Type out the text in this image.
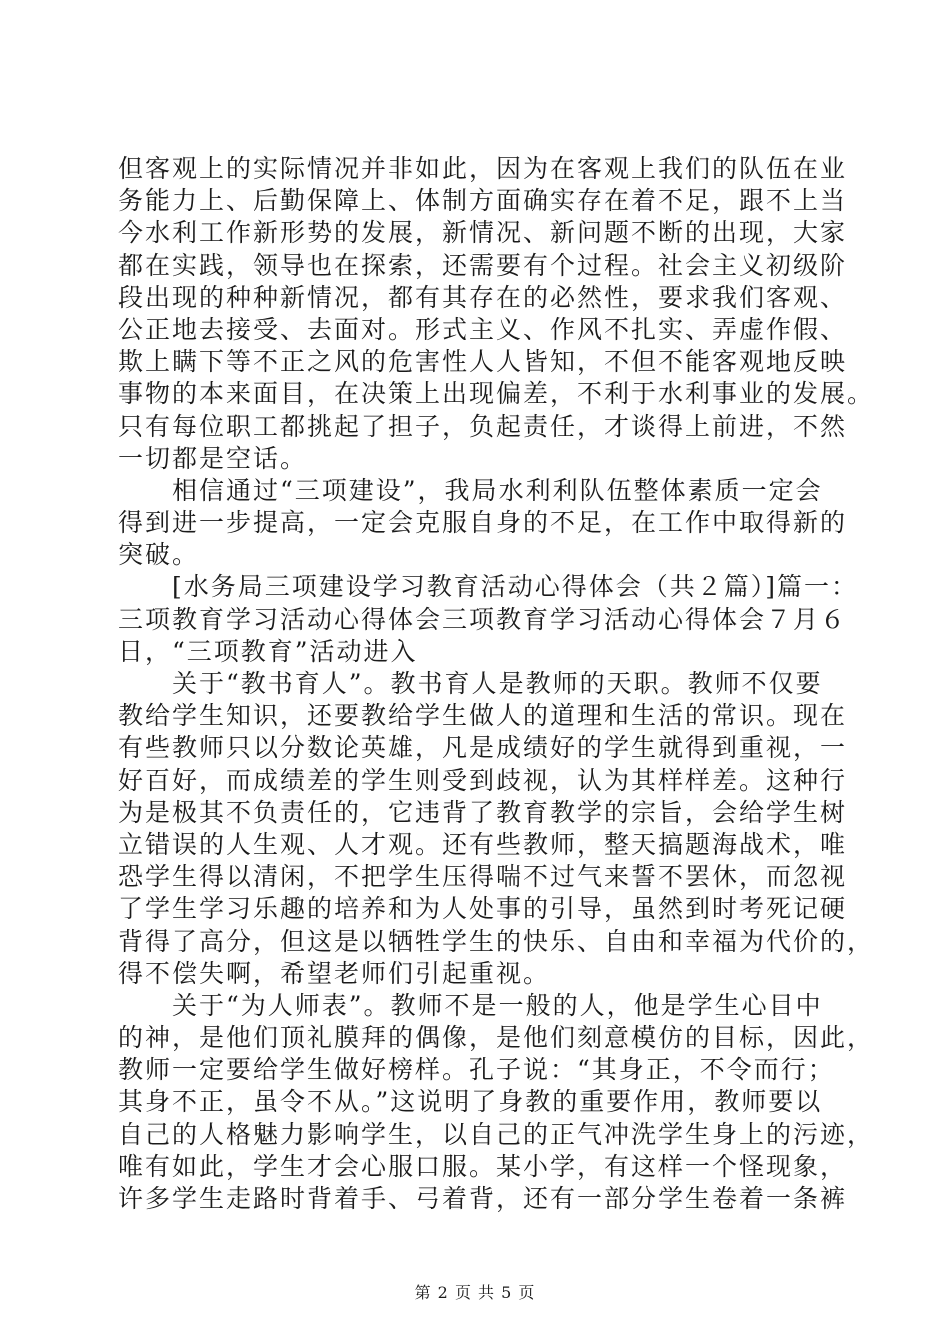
但客观上的实际情况并非如此，因为在客观上我们的队伍在业
务能力上、后勤保障上、体制方面确实存在着不足，跟不上当
今水利工作新形势的发展，新情况、新问题不断的出现，大家
都在实践，领导也在探索，还需要有个过程。社会主义初级阶
段出现的种种新情况，都有其存在的必然性，要求我们客观、
公正地去接受、去面对。形式主义、作风不扎实、弄虚作假、
欺上瞒下等不正之风的危害性人人皆知，不但不能客观地反映
事物的本来面目，在决策上出现偏差，不利于水利事业的发展。
只有每位职工都挑起了担子，负起责任，才谈得上前进，不然
一切都是空话。
相信通过“三项建设”，我局水利利队伍整体素质一定会
得到进一步提高，一定会克服自身的不足，在工作中取得新的
突破。
[水务局三项建设学习教育活动心得体会（共２篇）]篇一：
三项教育学习活动心得体会三项教育学习活动心得体会７月６
日，“三项教育”活动进入
关于“教书育人”。教书育人是教师的天职。教师不仅要
教给学生知识，还要教给学生做人的道理和生活的常识。现在
有些教师只以分数论英雄，凡是成绩好的学生就得到重视，一
好百好，而成绩差的学生则受到歧视，认为其样样差。这种行
为是极其不负责任的，它违背了教育教学的宗旨，会给学生树
立错误的人生观、人才观。还有些教师，整天搞题海战术，唯
恐学生得以清闲，不把学生压得喘不过气来誓不罢休，而忽视
了学生学习乐趣的培养和为人处事的引导，虽然到时考死记硬
背得了高分，但这是以牺牲学生的快乐、自由和幸福为代价的，
得不偿失啊，希望老师们引起重视。
关于“为人师表”。教师不是一般的人，他是学生心目中
的神，是他们顶礼膜拜的偶像，是他们刻意模仿的目标，因此，
教师一定要给学生做好榜样。孔子说：“其身正，不令而行；
其身不正，虽令不从。”这说明了身教的重要作用，教师要以
自己的人格魅力影响学生，以自己的正气冲洗学生身上的污迹，
唯有如此，学生才会心服口服。某小学，有这样一个怪现象，
许多学生走路时背着手、弓着背，还有一部分学生卷着一条裤
第 2 页 共 5 页
